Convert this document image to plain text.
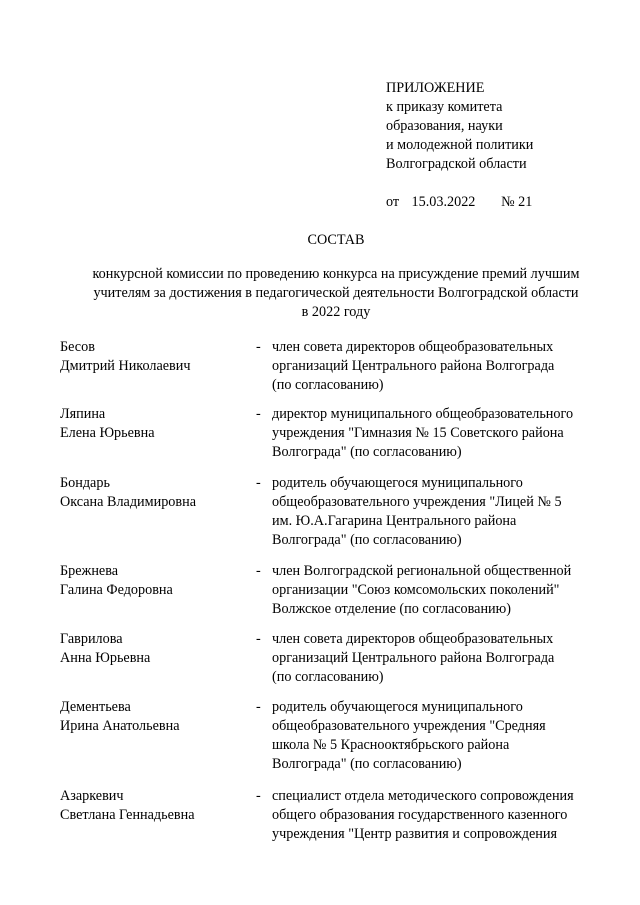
ПРИЛОЖЕНИЕ
к приказу комитета
образования, науки
и молодежной политики
Волгоградской области
от 15.03.2022 № 21
СОСТАВ
конкурсной комиссии по проведению конкурса на присуждение премий лучшим
учителям за достижения в педагогической деятельности Волгоградской области
в 2022 году
Бесов
Дмитрий Николаевич
- член совета директоров общеобразовательных
организаций Центрального района Волгограда
(по согласованию)
Ляпина
Елена Юрьевна
- директор муниципального общеобразовательного
учреждения "Гимназия № 15 Советского района
Волгограда" (по согласованию)
Бондарь
Оксана Владимировна
- родитель обучающегося муниципального
общеобразовательного учреждения "Лицей № 5
им. Ю.А.Гагарина Центрального района
Волгограда" (по согласованию)
Брежнева
Галина Федоровна
- член Волгоградской региональной общественной
организации "Союз комсомольских поколений"
Волжское отделение (по согласованию)
Гаврилова
Анна Юрьевна
- член совета директоров общеобразовательных
организаций Центрального района Волгограда
(по согласованию)
Дементьева
Ирина Анатольевна
- родитель обучающегося муниципального
общеобразовательного учреждения "Средняя
школа № 5 Краснооктябрьского района
Волгограда" (по согласованию)
Азаркевич
Светлана Геннадьевна
- специалист отдела методического сопровождения
общего образования государственного казенного
учреждения "Центр развития и сопровождения
